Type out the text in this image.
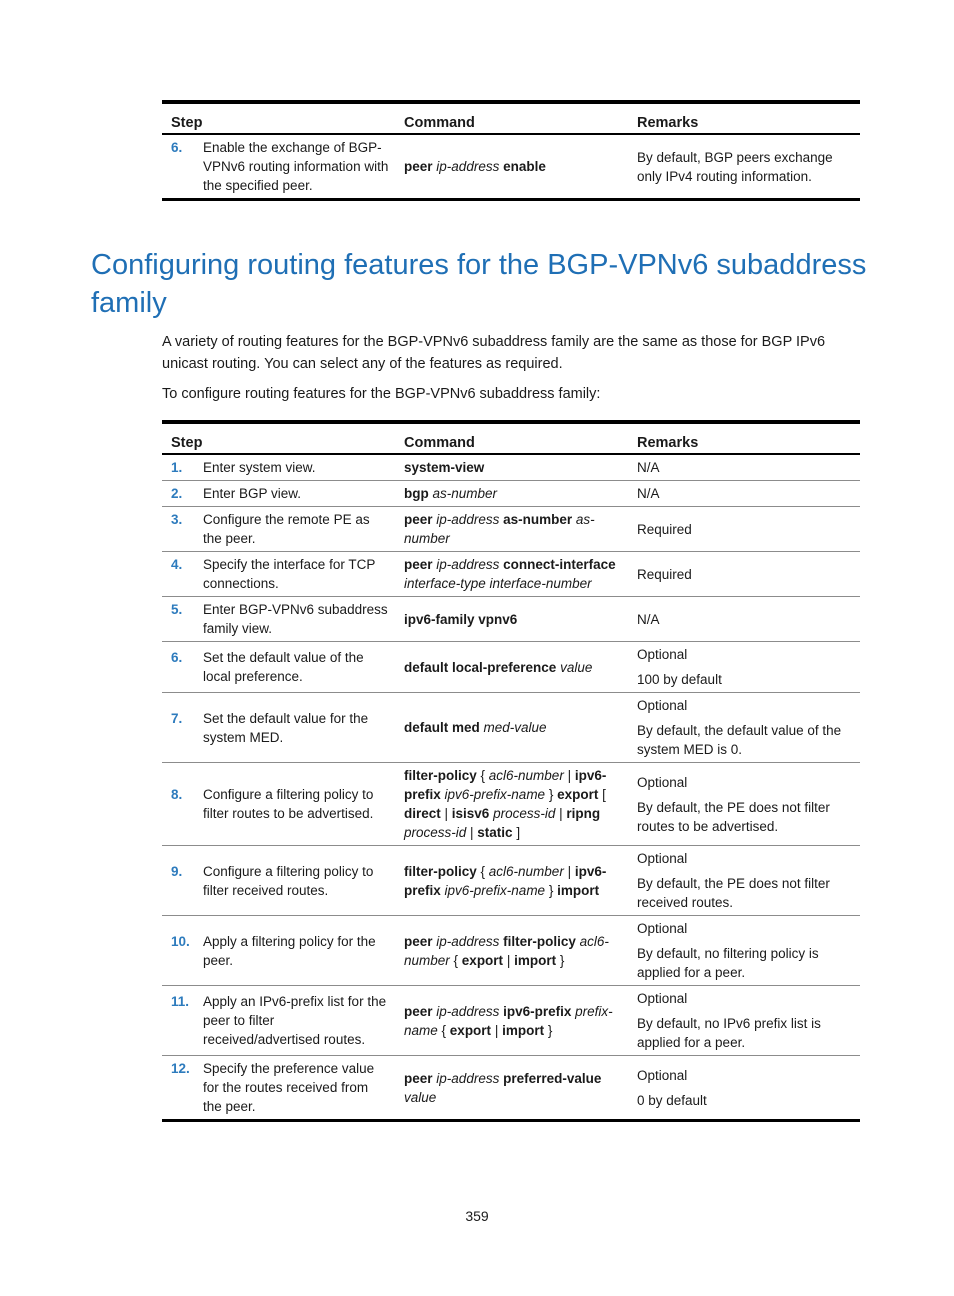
Step	Command	Remarks

6. Enable the exchange of BGP-VPNv6 routing information with the specified peer.	peer ip-address enable	By default, BGP peers exchange only IPv4 routing information.
Configuring routing features for the BGP-VPNv6 subaddress family

A variety of routing features for the BGP-VPNv6 subaddress family are the same as those for BGP IPv6 unicast routing. You can select any of the features as required.

To configure routing features for the BGP-VPNv6 subaddress family:

Step	Command	Remarks

1. Enter system view.	system-view	N/A

2. Enter BGP view.	bgp as-number	N/A

3. Configure the remote PE as the peer.	peer ip-address as-number as-number	Required

4. Specify the interface for TCP connections.	peer ip-address connect-interface interface-type interface-number	Required

5. Enter BGP-VPNv6 subaddress family view.	ipv6-family vpnv6	N/A

6. Set the default value of the local preference.	default local-preference value	Optional
100 by default

7. Set the default value for the system MED.	default med med-value	Optional
By default, the default value of the system MED is 0.

8. Configure a filtering policy to filter routes to be advertised.	filter-policy { acl6-number | ipv6-prefix ipv6-prefix-name } export [ direct | isisv6 process-id | ripng process-id | static ]	Optional
By default, the PE does not filter routes to be advertised.

9. Configure a filtering policy to filter received routes.	filter-policy { acl6-number | ipv6-prefix ipv6-prefix-name } import	Optional
By default, the PE does not filter received routes.

10. Apply a filtering policy for the peer.	peer ip-address filter-policy acl6-number { export | import }	Optional
By default, no filtering policy is applied for a peer.

11. Apply an IPv6-prefix list for the peer to filter received/advertised routes.	peer ip-address ipv6-prefix prefix-name { export | import }	Optional
By default, no IPv6 prefix list is applied for a peer.

12. Specify the preference value for the routes received from the peer.	peer ip-address preferred-value value	Optional
0 by default
359
